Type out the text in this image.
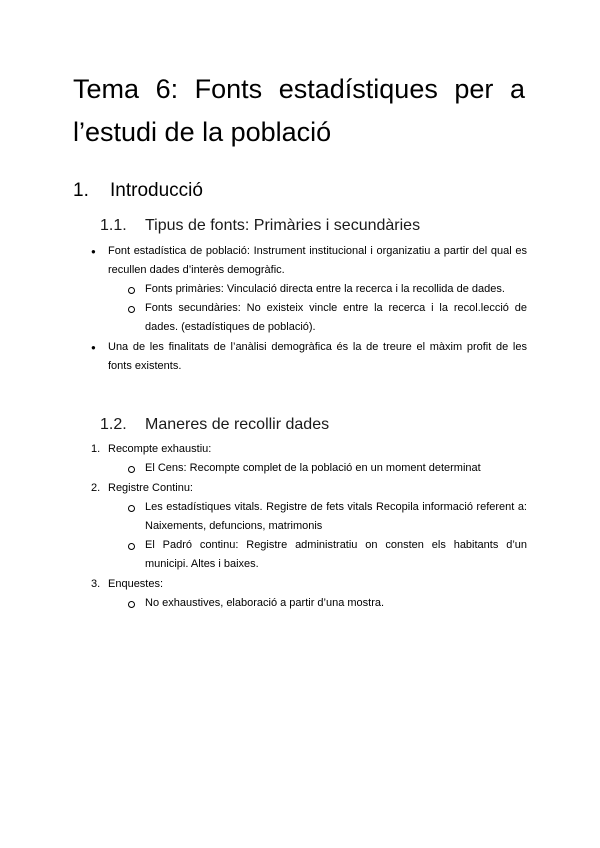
Tema 6: Fonts estadístiques per a l’estudi de la població
1. Introducció
1.1. Tipus de fonts: Primàries i secundàries
● Font estadística de població: Instrument institucional i organizatiu a partir del qual es recullen dades d’interès demogràfic.

Fonts primàries: Vinculació directa entre la recerca i la recollida de dades.

Fonts secundàries: No existeix vincle entre la recerca i la recol.lecció de dades. (estadístiques de població).

● Una de les finalitats de l’anàlisi demogràfica és la de treure el màxim profit de les fonts existents.

1.2. Maneres de recollir dades
1. Recompte exhaustiu:

El Cens: Recompte complet de la població en un moment determinat

2. Registre Continu:

Les estadístiques vitals. Registre de fets vitals Recopila informació referent a: Naixements, defuncions, matrimonis

El Padró continu: Registre administratiu on consten els habitants d’un municipi. Altes i baixes.

3. Enquestes:

No exhaustives, elaboració a partir d’una mostra.
